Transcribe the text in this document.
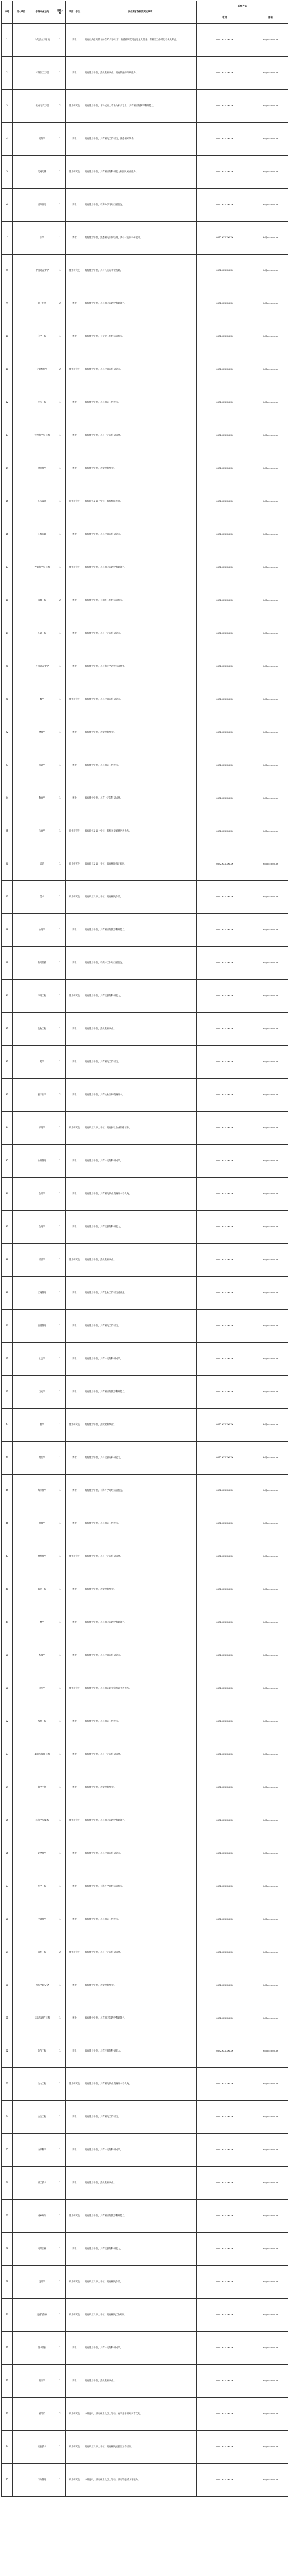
序号	用人单位	学科专业方向	招聘人数	学历、学位	岗位要求条件及其它事项	联系方式	
						电话	邮箱
1		马克思主义理论	1	博士	具有正式招用的年龄在45周岁以下，熟悉新时代马克思主义理论，有相关工作经历者优先考虑。	0532-XXXXXXXX	hr@xxx.edu.cn
2		材料加工工程	1	博士	具有博士学位，热爱教育事业，具有较强的科研能力。	0532-XXXXXXXX	hr@xxx.edu.cn
3		机械电子工程	2	博士研究生	具有博士学位，本科或硕士专业为相关专业，具有相应的教学科研能力。	0532-XXXXXXXX	hr@xxx.edu.cn
4		建筑学	1	博士	具有博士学位，具有相关工作经历，熟悉相关软件。	0532-XXXXXXXX	hr@xxx.edu.cn
5		交通运输	1	博士研究生	具有博士学位，具有相应的科研能力和团队协作能力。	0532-XXXXXXXX	hr@xxx.edu.cn
6		国际贸易	1	博士	具有博士学位，有海外学习经历者优先。	0532-XXXXXXXX	hr@xxx.edu.cn
7		法学	1	博士	具有博士学位，熟悉相关法律法规，具有一定的科研能力。	0532-XXXXXXXX	hr@xxx.edu.cn
8		中国语言文学	1	博士研究生	具有博士学位，具有扎实的专业基础。	0532-XXXXXXXX	hr@xxx.edu.cn
9		电子信息	2	博士	具有博士学位，具有相应的教学科研能力。	0532-XXXXXXXX	hr@xxx.edu.cn
10		化学工程	1	博士	具有博士学位，有企业工作经历者优先。	0532-XXXXXXXX	hr@xxx.edu.cn
11		计算机科学	2	博士研究生	具有博士学位，具有较强的科研能力。	0532-XXXXXXXX	hr@xxx.edu.cn
12		土木工程	1	博士	具有博士学位，具有相关工作经历。	0532-XXXXXXXX	hr@xxx.edu.cn
13		管理科学与工程	1	博士	具有博士学位，具有一定的科研成果。	0532-XXXXXXXX	hr@xxx.edu.cn
14		食品科学	1	博士	具有博士学位，热爱教育事业。	0532-XXXXXXXX	hr@xxx.edu.cn
15		艺术设计	1	硕士研究生	具有硕士及以上学位，具有相关作品。	0532-XXXXXXXX	hr@xxx.edu.cn
16		工程管理	1	博士	具有博士学位，具有较强的科研能力。	0532-XXXXXXXX	hr@xxx.edu.cn
17		控制科学与工程	1	博士研究生	具有博士学位，具有相应的教学科研能力。	0532-XXXXXXXX	hr@xxx.edu.cn
18		机械工程	2	博士	具有博士学位，有相关工作经历者优先。	0532-XXXXXXXX	hr@xxx.edu.cn
19		车辆工程	1	博士	具有博士学位，具有一定的科研能力。	0532-XXXXXXXX	hr@xxx.edu.cn
20		外国语言文学	1	博士	具有博士学位，具有海外学习经历者优先。	0532-XXXXXXXX	hr@xxx.edu.cn
21		数学	1	博士研究生	具有博士学位，具有较强的科研能力。	0532-XXXXXXXX	hr@xxx.edu.cn
22		物理学	1	博士	具有博士学位，热爱教育事业。	0532-XXXXXXXX	hr@xxx.edu.cn
23		统计学	1	博士	具有博士学位，具有相关工作经历。	0532-XXXXXXXX	hr@xxx.edu.cn
24		教育学	1	博士	具有博士学位，具有一定的科研成果。	0532-XXXXXXXX	hr@xxx.edu.cn
25		体育学	1	硕士研究生	具有硕士及以上学位，有相关竞赛经历者优先。	0532-XXXXXXXX	hr@xxx.edu.cn
26		音乐	1	硕士研究生	具有硕士及以上学位，具有相关演出经历。	0532-XXXXXXXX	hr@xxx.edu.cn
27		美术	1	硕士研究生	具有硕士及以上学位，具有相关作品。	0532-XXXXXXXX	hr@xxx.edu.cn
28		心理学	1	博士	具有博士学位，具有相应的教学科研能力。	0532-XXXXXXXX	hr@xxx.edu.cn
29		新闻传播	1	博士	具有博士学位，有媒体工作经历者优先。	0532-XXXXXXXX	hr@xxx.edu.cn
30		环境工程	1	博士研究生	具有博士学位，具有较强的科研能力。	0532-XXXXXXXX	hr@xxx.edu.cn
31		生物工程	1	博士	具有博士学位，热爱教育事业。	0532-XXXXXXXX	hr@xxx.edu.cn
32		药学	1	博士	具有博士学位，具有相关工作经历。	0532-XXXXXXXX	hr@xxx.edu.cn
33		临床医学	2	博士	具有博士学位，具有执业医师资格证书。	0532-XXXXXXXX	hr@xxx.edu.cn
34		护理学	1	硕士研究生	具有硕士及以上学位，具有护士执业资格证书。	0532-XXXXXXXX	hr@xxx.edu.cn
35		公共管理	1	博士	具有博士学位，具有一定的科研成果。	0532-XXXXXXXX	hr@xxx.edu.cn
36		会计学	1	博士	具有博士学位，具有相关职业资格证书者优先。	0532-XXXXXXXX	hr@xxx.edu.cn
37		金融学	1	博士	具有博士学位，具有较强的科研能力。	0532-XXXXXXXX	hr@xxx.edu.cn
38		经济学	1	博士研究生	具有博士学位，热爱教育事业。	0532-XXXXXXXX	hr@xxx.edu.cn
39		工商管理	1	博士	具有博士学位，具有企业工作经历者优先。	0532-XXXXXXXX	hr@xxx.edu.cn
40		旅游管理	1	博士	具有博士学位，具有相关工作经历。	0532-XXXXXXXX	hr@xxx.edu.cn
41		社会学	1	博士	具有博士学位，具有一定的科研成果。	0532-XXXXXXXX	hr@xxx.edu.cn
42		历史学	1	博士	具有博士学位，具有相应的教学科研能力。	0532-XXXXXXXX	hr@xxx.edu.cn
43		哲学	1	博士研究生	具有博士学位，热爱教育事业。	0532-XXXXXXXX	hr@xxx.edu.cn
44		政治学	1	博士	具有博士学位，具有较强的科研能力。	0532-XXXXXXXX	hr@xxx.edu.cn
45		海洋科学	1	博士	具有博士学位，有海外学习经历者优先。	0532-XXXXXXXX	hr@xxx.edu.cn
46		地理学	1	博士	具有博士学位，具有相关工作经历。	0532-XXXXXXXX	hr@xxx.edu.cn
47		测绘科学	1	博士研究生	具有博士学位，具有一定的科研成果。	0532-XXXXXXXX	hr@xxx.edu.cn
48		农业工程	1	博士	具有博士学位，热爱教育事业。	0532-XXXXXXXX	hr@xxx.edu.cn
49		林学	1	博士	具有博士学位，具有相应的教学科研能力。	0532-XXXXXXXX	hr@xxx.edu.cn
50		畜牧学	1	博士	具有博士学位，具有较强的科研能力。	0532-XXXXXXXX	hr@xxx.edu.cn
51		兽医学	1	博士研究生	具有博士学位，具有相关职业资格证书者优先。	0532-XXXXXXXX	hr@xxx.edu.cn
52		水利工程	1	博士	具有博士学位，具有相关工作经历。	0532-XXXXXXXX	hr@xxx.edu.cn
53		船舶与海洋工程	1	博士	具有博士学位，具有一定的科研成果。	0532-XXXXXXXX	hr@xxx.edu.cn
54		航空宇航	1	博士	具有博士学位，热爱教育事业。	0532-XXXXXXXX	hr@xxx.edu.cn
55		核科学与技术	1	博士研究生	具有博士学位，具有相应的教学科研能力。	0532-XXXXXXXX	hr@xxx.edu.cn
56		安全科学	1	博士	具有博士学位，具有较强的科研能力。	0532-XXXXXXXX	hr@xxx.edu.cn
57		光学工程	1	博士	具有博士学位，有海外学习经历者优先。	0532-XXXXXXXX	hr@xxx.edu.cn
58		仪器科学	1	博士	具有博士学位，具有相关工作经历。	0532-XXXXXXXX	hr@xxx.edu.cn
59		软件工程	2	博士研究生	具有博士学位，具有一定的科研成果。	0532-XXXXXXXX	hr@xxx.edu.cn
60		网络空间安全	1	博士	具有博士学位，热爱教育事业。	0532-XXXXXXXX	hr@xxx.edu.cn
61		信息与通信工程	1	博士	具有博士学位，具有相应的教学科研能力。	0532-XXXXXXXX	hr@xxx.edu.cn
62		电气工程	1	博士	具有博士学位，具有较强的科研能力。	0532-XXXXXXXX	hr@xxx.edu.cn
63		动力工程	1	博士研究生	具有博士学位，具有相关职业资格证书者优先。	0532-XXXXXXXX	hr@xxx.edu.cn
64		冶金工程	1	博士	具有博士学位，具有相关工作经历。	0532-XXXXXXXX	hr@xxx.edu.cn
65		纺织科学	1	博士	具有博士学位，具有一定的科研成果。	0532-XXXXXXXX	hr@xxx.edu.cn
66		轻工技术	1	博士	具有博士学位，热爱教育事业。	0532-XXXXXXXX	hr@xxx.edu.cn
67		城乡规划	1	博士研究生	具有博士学位，具有相应的教学科研能力。	0532-XXXXXXXX	hr@xxx.edu.cn
68		风景园林	1	博士	具有博士学位，具有较强的科研能力。	0532-XXXXXXXX	hr@xxx.edu.cn
69		设计学	1	硕士研究生	具有硕士及以上学位，具有相关作品。	0532-XXXXXXXX	hr@xxx.edu.cn
70		戏剧与影视	1	硕士研究生	具有硕士及以上学位，具有相关工作经历。	0532-XXXXXXXX	hr@xxx.edu.cn
71		图书情报	1	博士	具有博士学位，具有一定的科研成果。	0532-XXXXXXXX	hr@xxx.edu.cn
72		档案学	1	博士	具有博士学位，热爱教育事业。	0532-XXXXXXXX	hr@xxx.edu.cn
73		辅导员	2	硕士研究生	中共党员，具有硕士及以上学位，有学生干部经历者优先。	0532-XXXXXXXX	hr@xxx.edu.cn
74		实验技术	1	硕士研究生	具有硕士及以上学位，具有相关实验室工作经历。	0532-XXXXXXXX	hr@xxx.edu.cn
75		行政管理	1	硕士研究生	中共党员，具有硕士及以上学位，具有较强的文字能力。	0532-XXXXXXXX	hr@xxx.edu.cn
